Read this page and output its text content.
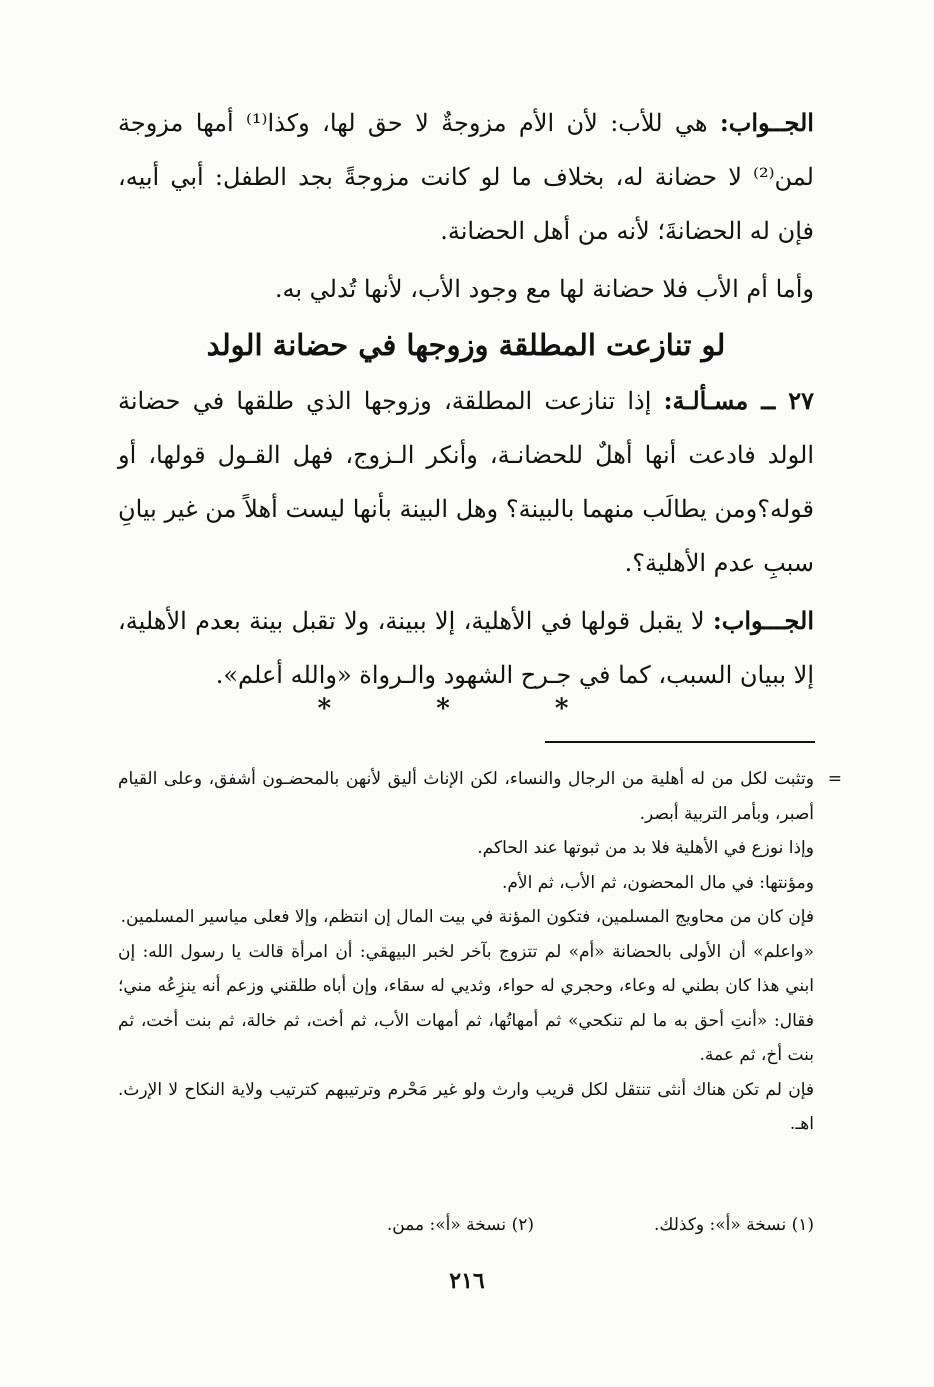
الجــواب: هي للأب: لأن الأم مزوجةٌ لا حق لها، وكذا⁽¹⁾ أمها مزوجة لمن⁽²⁾ لا حضانة له، بخلاف ما لو كانت مزوجةً بجد الطفل: أبي أبيه، فإن له الحضانةَ؛ لأنه من أهل الحضانة.

وأما أم الأب فلا حضانة لها مع وجود الأب، لأنها تُدلي به.

لو تنازعت المطلقة وزوجها في حضانة الولد

٢٧ ــ مسـألـة: إذا تنازعت المطلقة، وزوجها الذي طلقها في حضانة الولد فادعت أنها أهلٌ للحضانـة، وأنكر الـزوج، فهل القـول قولها، أو قوله؟ومن يطالَب منهما بالبينة؟ وهل البينة بأنها ليست أهلاً من غير بيانِ سببِ عدم الأهلية؟.

الجـــواب: لا يقبل قولها في الأهلية، إلا ببينة، ولا تقبل بينة بعدم الأهلية، إلا ببيان السبب، كما في جـرح الشهود والـرواة «والله أعلم».

* * *
=

وتثبت لكل من له أهلية من الرجال والنساء، لكن الإناث أليق لأنهن بالمحضـون أشفق، وعلى القيام أصبر، وبأمر التربية أبصر.

وإذا نوزع في الأهلية فلا بد من ثبوتها عند الحاكم.

ومؤنتها: في مال المحضون، ثم الأب، ثم الأم.

فإن كان من محاويج المسلمين، فتكون المؤنة في بيت المال إن انتظم، وإلا فعلى مياسير المسلمين.

«واعلم» أن الأولى بالحضانة «أم» لم تتزوج بآخر لخبر البيهقي: أن امرأة قالت يا رسول الله: إن ابني هذا كان بطني له وعاء، وحجري له حواء، وثديي له سقاء، وإن أباه طلقني وزعم أنه ينزِعُه مني؛ فقال: «أنتِ أحق به ما لم تنكحي» ثم أمهاتُها، ثم أمهات الأب، ثم أخت، ثم خالة، ثم بنت أخت، ثم بنت أخ، ثم عمة.

فإن لم تكن هناك أنثى تنتقل لكل قريب وارث ولو غير مَحْرم وترتيبهم كترتيب ولاية النكاح لا الإرث. اهـ.

(١) نسخة «أ»: وكذلك.
(٢) نسخة «أ»: ممن.
٢١٦
